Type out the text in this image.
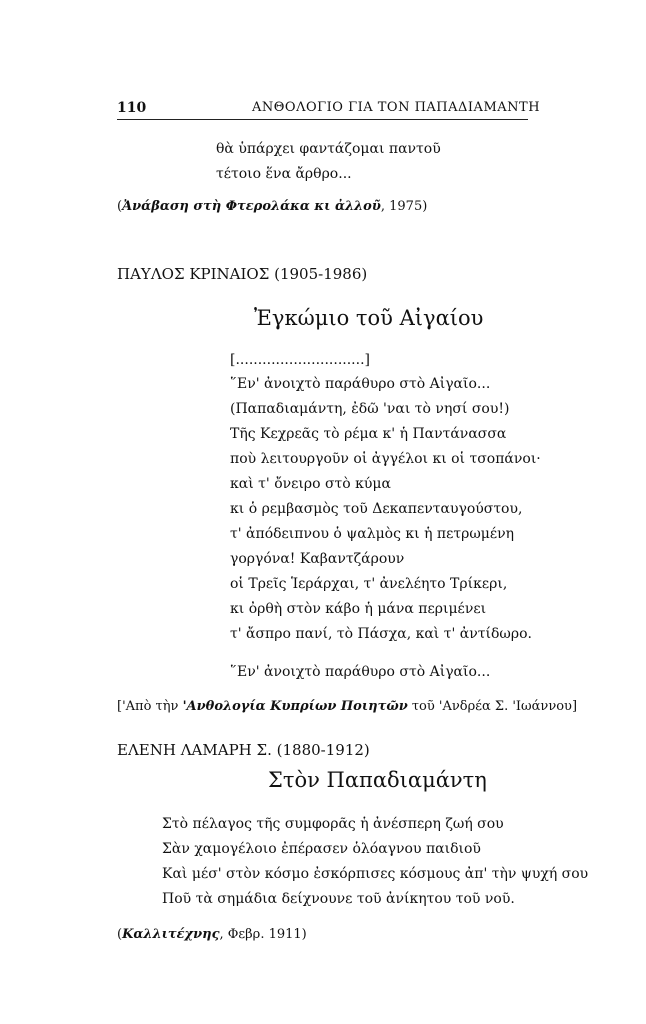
110	ΑΝΘΟΛΟΓΙΟ ΓΙΑ ΤΟΝ ΠΑΠΑΔΙΑΜΑΝΤΗ
θὰ ὑπάρχει φαντάζομαι παντοῦ
τέτοιο ἕνα ἄρθρο...
(Ἀνάβαση στὴ Φτερολάκα κι ἀλλοῦ, 1975)
ΠΑΥΛΟΣ ΚΡΙΝΑΙΟΣ (1905-1986)
Ἐγκώμιο τοῦ Αἰγαίου
[.............................]
῞Εν' ἀνοιχτὸ παράθυρο στὸ Αἰγαῖο...
(Παπαδιαμάντη, ἐδῶ 'ναι τὸ νησί σου!)
Τῆς Κεχρεᾶς τὸ ρέμα κ' ἡ Παντάνασσα
ποὺ λειτουργοῦν οἱ ἀγγέλοι κι οἱ τσοπάνοι·
καὶ τ' ὄνειρο στὸ κύμα
κι ὁ ρεμβασμὸς τοῦ Δεκαπενταυγούστου,
τ' ἀπόδειπνου ὁ ψαλμὸς κι ἡ πετρωμένη
γοργόνα! Καβαντζάρουν
οἱ Τρεῖς Ἱεράρχαι, τ' ἀνελέητο Τρίκερι,
κι ὀρθὴ στὸν κάβο ἡ μάνα περιμένει
τ' ἄσπρο πανί, τὸ Πάσχα, καὶ τ' ἀντίδωρο.
῞Εν' ἀνοιχτὸ παράθυρο στὸ Αἰγαῖο...
['Απὸ τὴν 'Ανθολογία Κυπρίων Ποιητῶν τοῦ 'Ανδρέα Σ. 'Ιωάννου]
ΕΛΕΝΗ ΛΑΜΑΡΗ Σ. (1880-1912)
Στὸν Παπαδιαμάντη
Στὸ πέλαγος τῆς συμφορᾶς ἡ ἀνέσπερη ζωή σου
Σὰν χαμογέλοιο ἐπέρασεν ὁλόαγνου παιδιοῦ
Καὶ μέσ' στὸν κόσμο ἐσκόρπισες κόσμους ἀπ' τὴν ψυχή σου
Ποῦ τὰ σημάδια δείχνουνε τοῦ ἀνίκητου τοῦ νοῦ.
(Καλλιτέχνης, Φεβρ. 1911)
